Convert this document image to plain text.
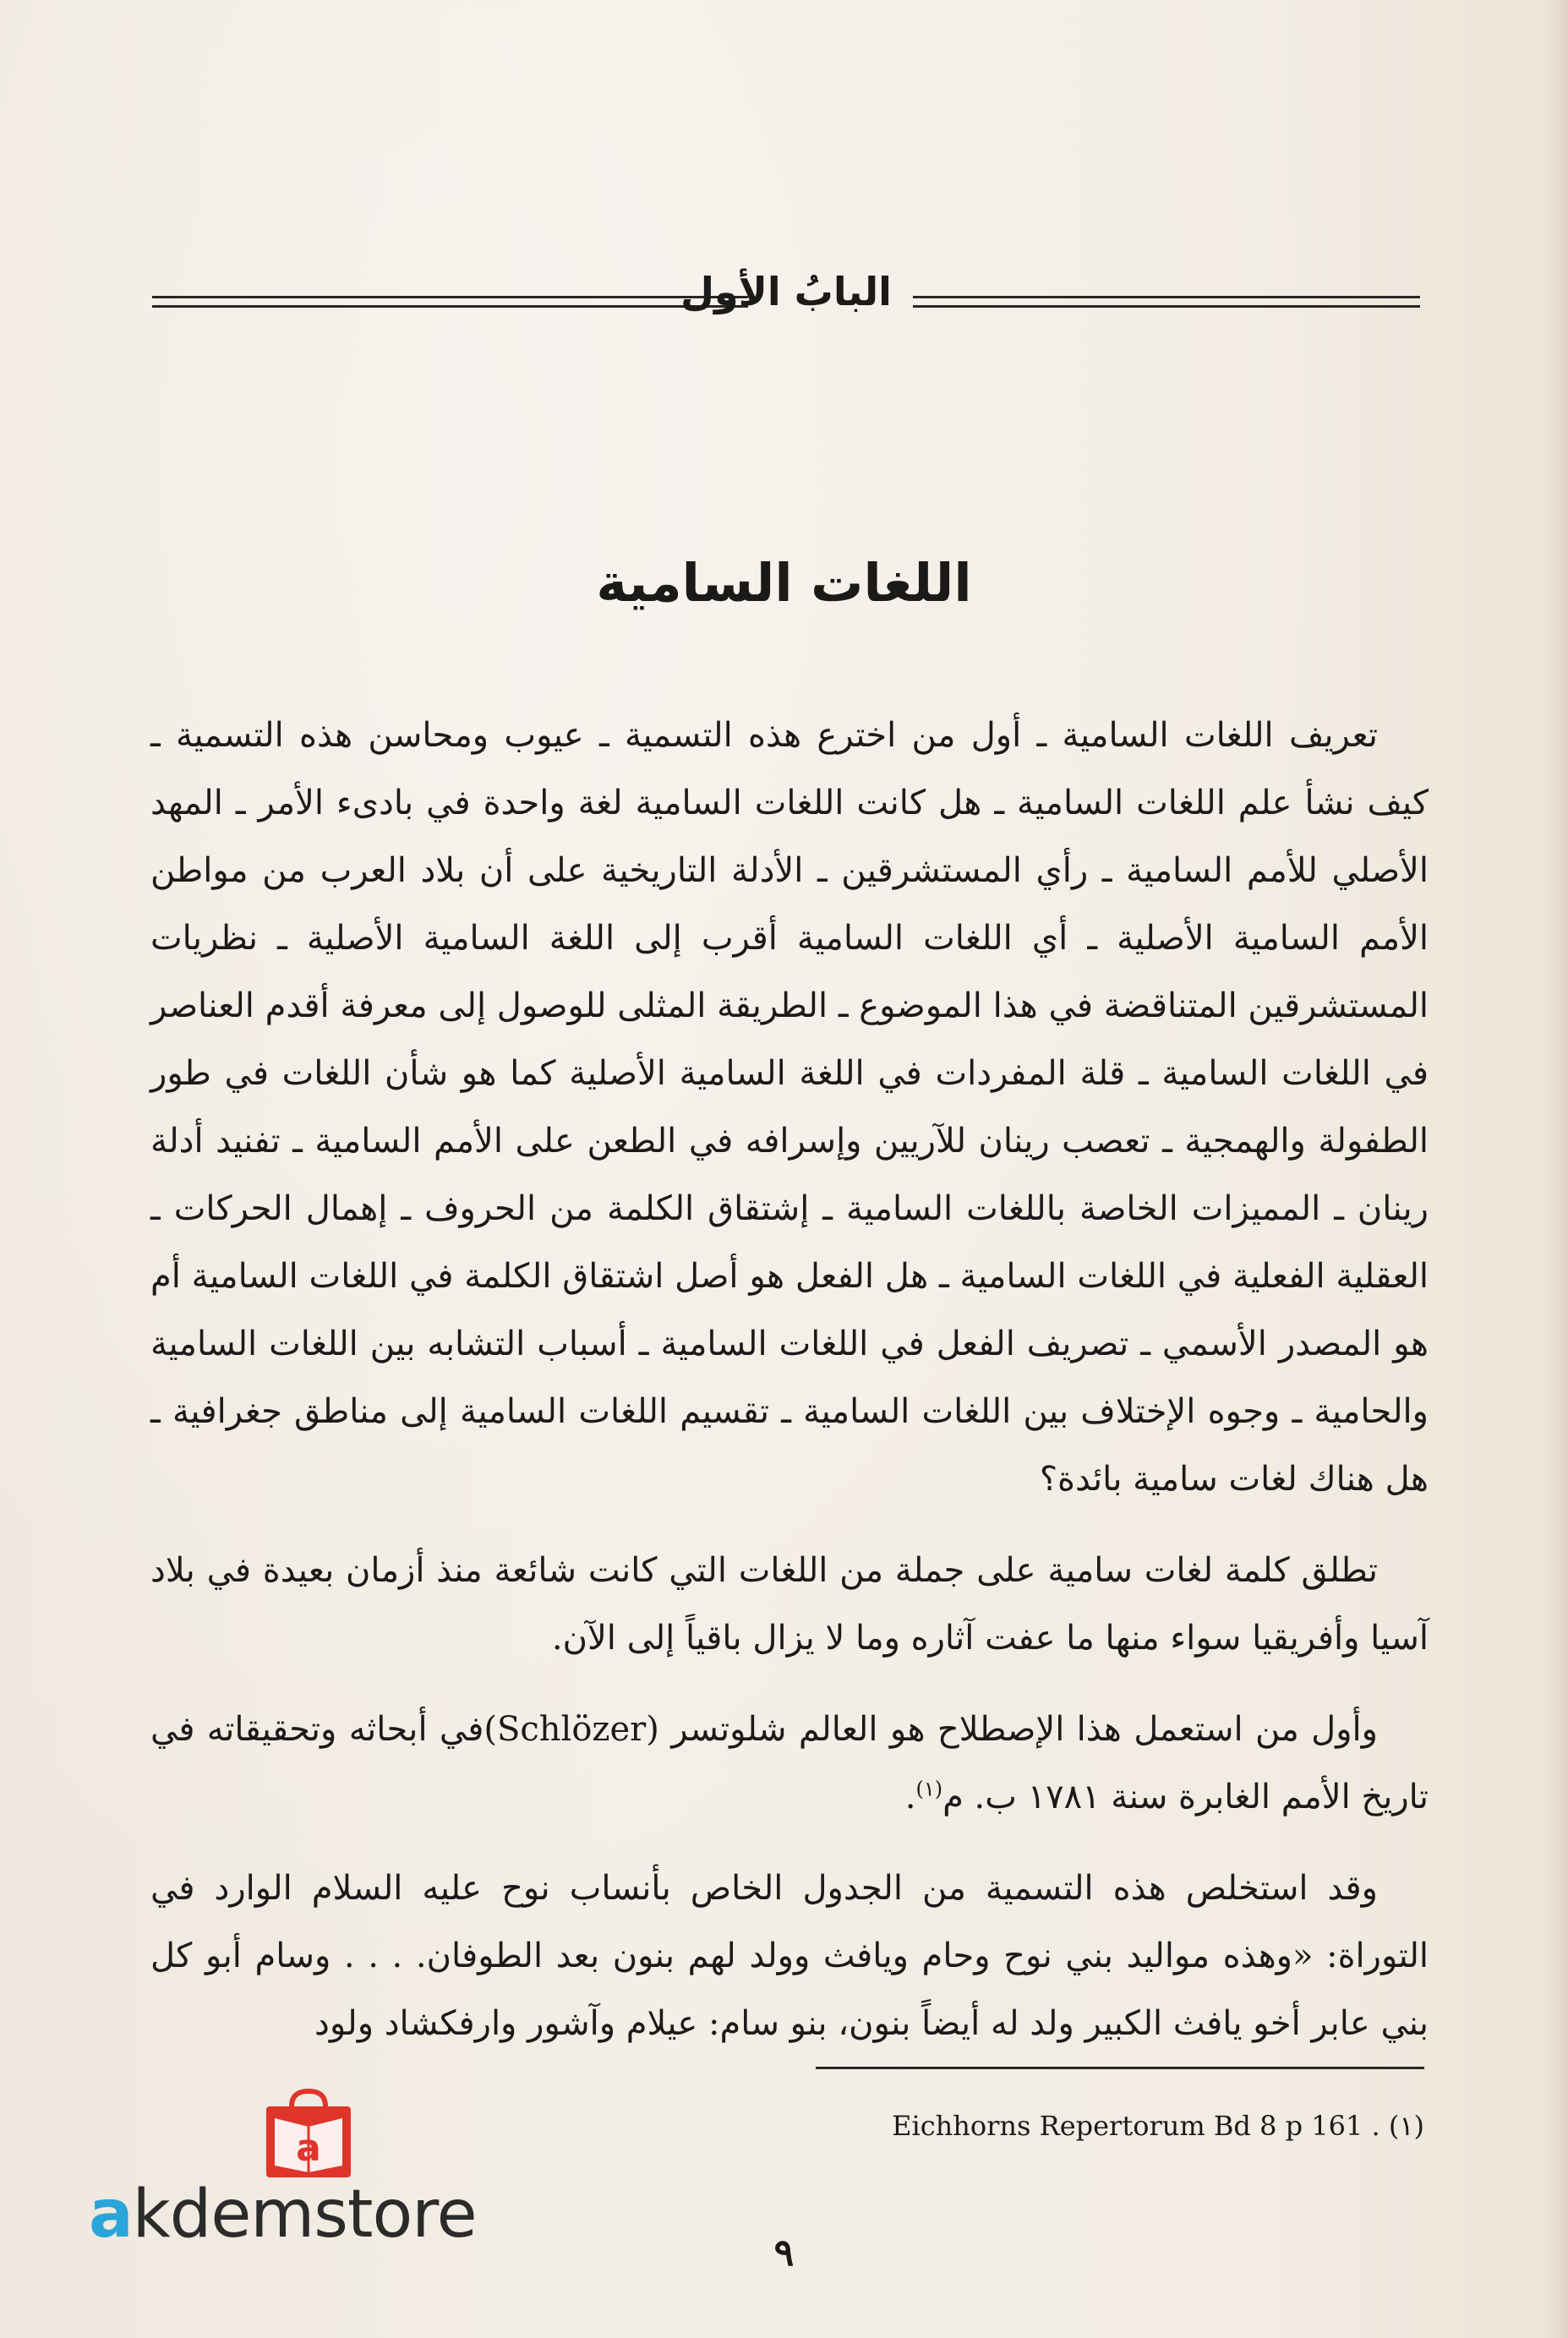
البابُ الأول
اللغات السامية

تعريف اللغات السامية ـ أول من اخترع هذه التسمية ـ عيوب ومحاسن هذه التسمية ـ كيف نشأ علم اللغات السامية ـ هل كانت اللغات السامية لغة واحدة في بادىء الأمر ـ المهد الأصلي للأمم السامية ـ رأي المستشرقين ـ الأدلة التاريخية على أن بلاد العرب من مواطن الأمم السامية الأصلية ـ أي اللغات السامية أقرب إلى اللغة السامية الأصلية ـ نظريات المستشرقين المتناقضة في هذا الموضوع ـ الطريقة المثلى للوصول إلى معرفة أقدم العناصر في اللغات السامية ـ قلة المفردات في اللغة السامية الأصلية كما هو شأن اللغات في طور الطفولة والهمجية ـ تعصب رينان للآريين وإسرافه في الطعن على الأمم السامية ـ تفنيد أدلة رينان ـ المميزات الخاصة باللغات السامية ـ إشتقاق الكلمة من الحروف ـ إهمال الحركات ـ العقلية الفعلية في اللغات السامية ـ هل الفعل هو أصل اشتقاق الكلمة في اللغات السامية أم هو المصدر الأسمي ـ تصريف الفعل في اللغات السامية ـ أسباب التشابه بين اللغات السامية والحامية ـ وجوه الإختلاف بين اللغات السامية ـ تقسيم اللغات السامية إلى مناطق جغرافية ـ هل هناك لغات سامية بائدة؟

تطلق كلمة لغات سامية على جملة من اللغات التي كانت شائعة منذ أزمان بعيدة في بلاد آسيا وأفريقيا سواء منها ما عفت آثاره وما لا يزال باقياً إلى الآن.

وأول من استعمل هذا الإصطلاح هو العالم شلوتسر (Schlözer)في أبحاثه وتحقيقاته في تاريخ الأمم الغابرة سنة ١٧٨١ ب. م$^{(١)}$.

وقد استخلص هذه التسمية من الجدول الخاص بأنساب نوح عليه السلام الوارد في التوراة: «وهذه مواليد بني نوح وحام ويافث وولد لهم بنون بعد الطوفان. . . . وسام أبو كل بني عابر أخو يافث الكبير ولد له أيضاً بنون، بنو سام: عيلام وآشور وارفكشاد ولود

(١) Eichhorns Repertorum Bd 8 p 161 .
٩
a
akdemstore
